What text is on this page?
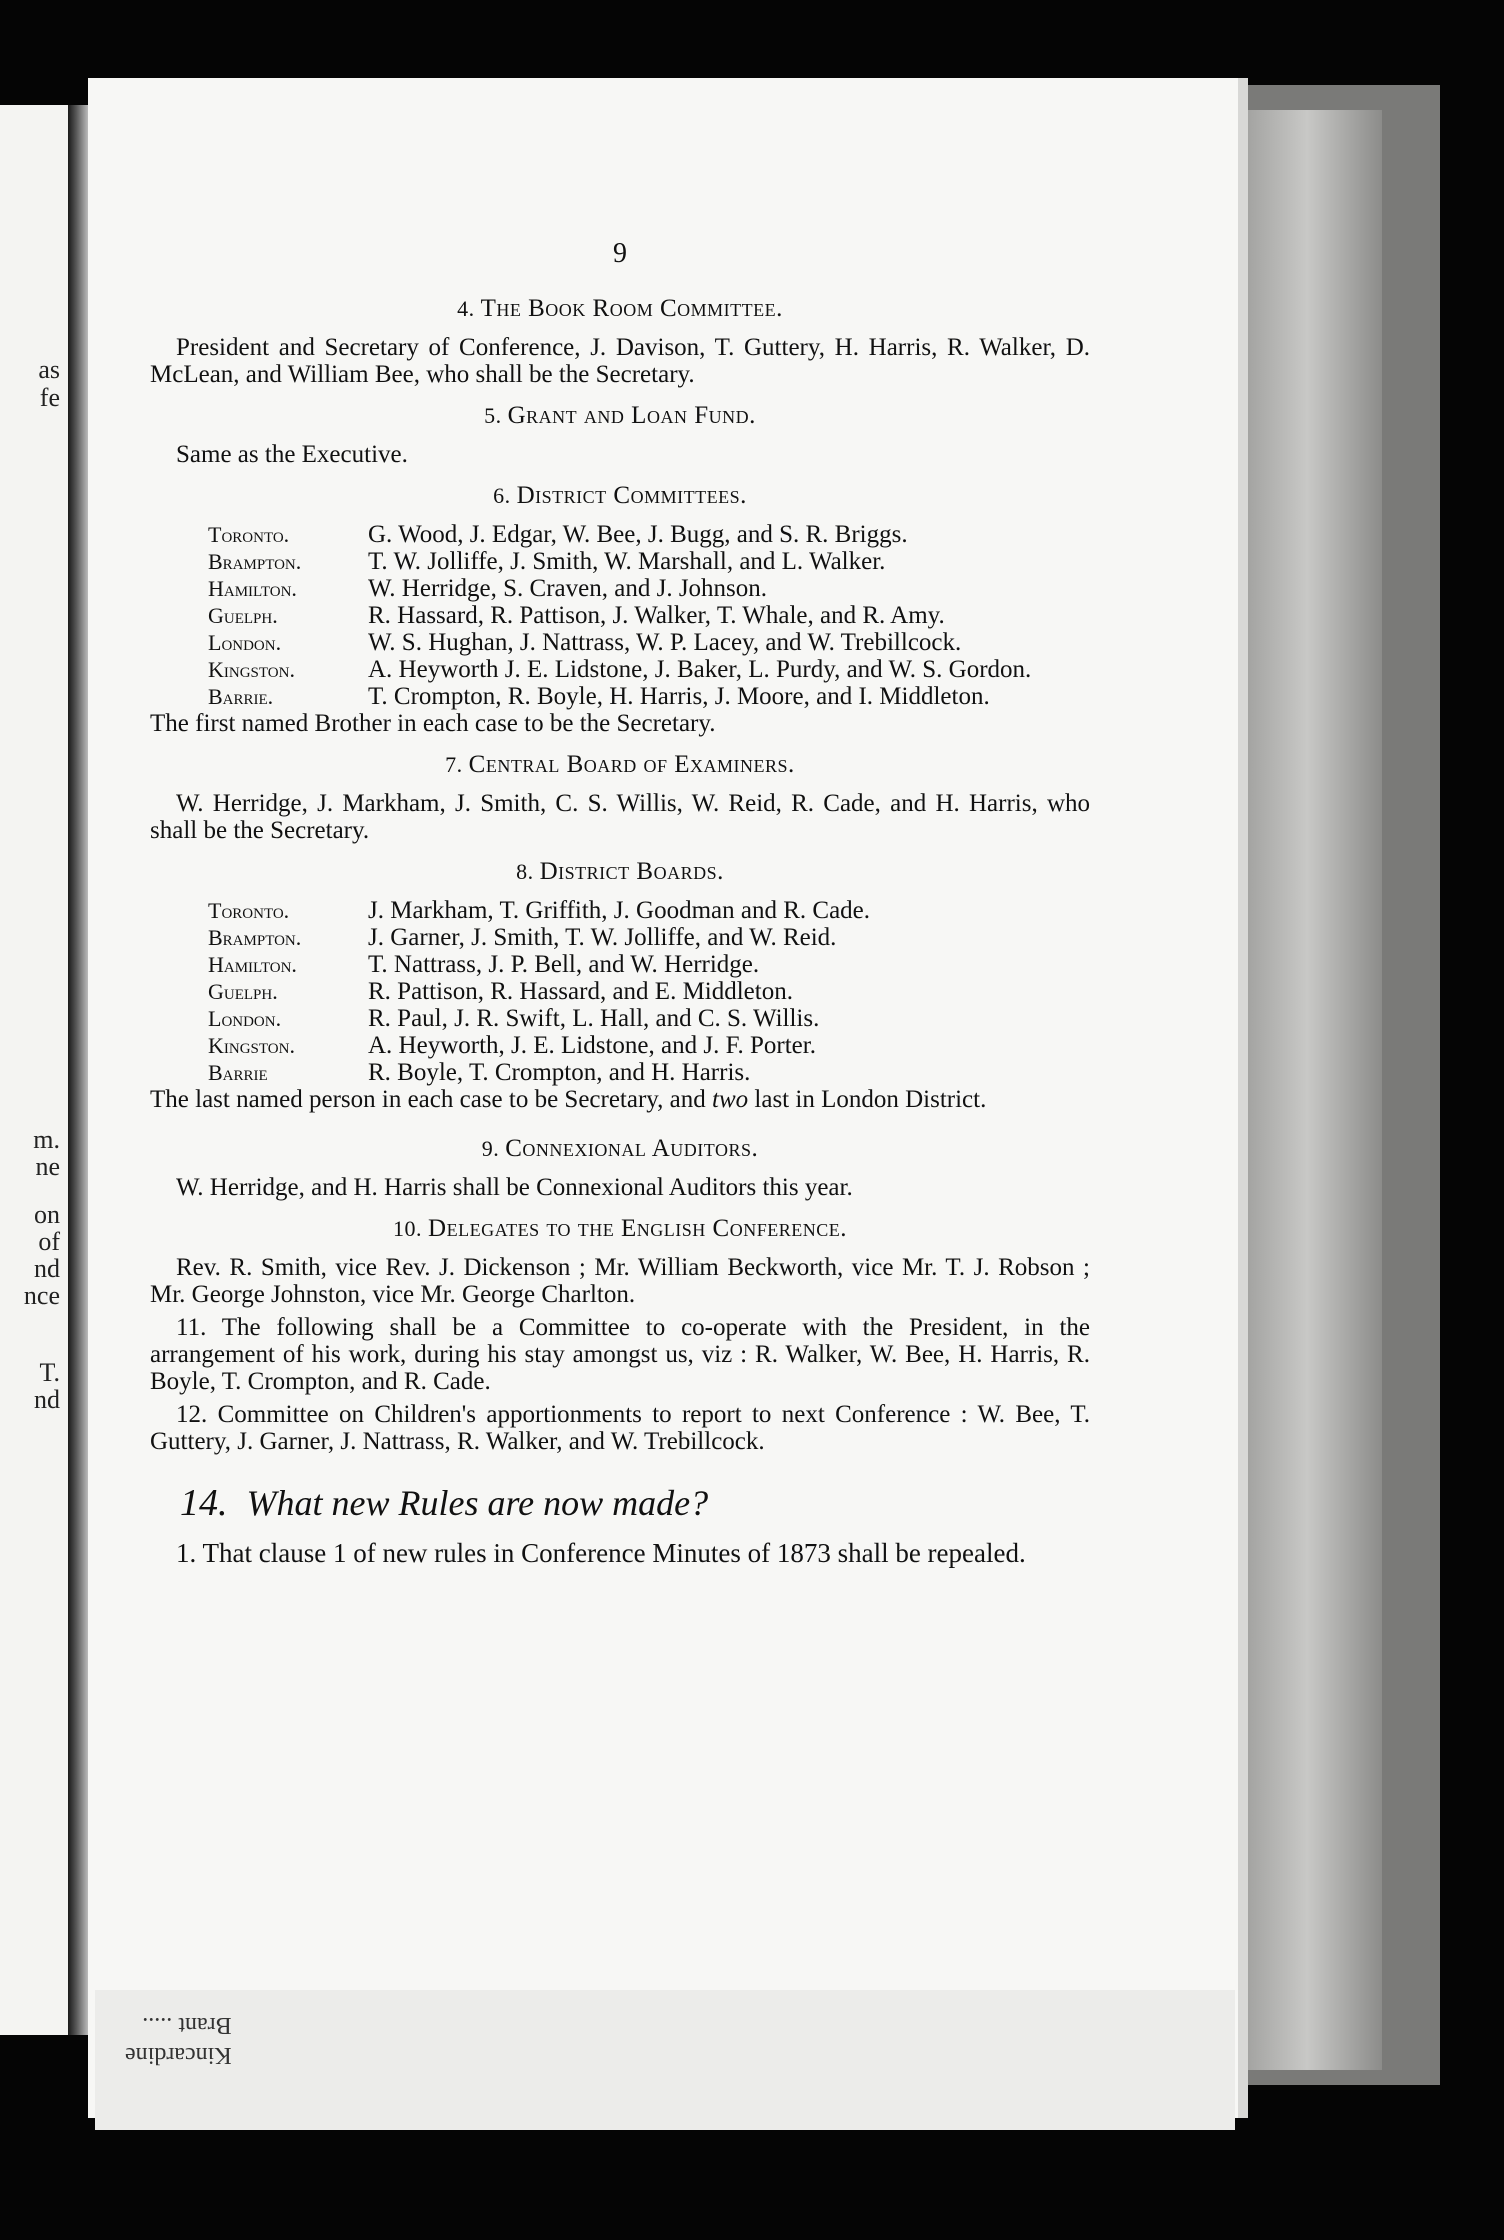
as
fe
m.
ne
on
of
nd
nce
T.
nd
Kincardine
Brant .....
9
4. The Book Room Committee.

President and Secretary of Conference, J. Davison, T. Guttery, H. Harris, R. Walker, D. McLean, and William Bee, who shall be the Secretary.

5. Grant and Loan Fund.

Same as the Executive.

6. District Committees.
Toronto.	G. Wood, J. Edgar, W. Bee, J. Bugg, and S. R. Briggs.
Brampton.	T. W. Jolliffe, J. Smith, W. Marshall, and L. Walker.
Hamilton.	W. Herridge, S. Craven, and J. Johnson.
Guelph.	R. Hassard, R. Pattison, J. Walker, T. Whale, and R. Amy.
London.	W. S. Hughan, J. Nattrass, W. P. Lacey, and W. Trebillcock.
Kingston.	A. Heyworth J. E. Lidstone, J. Baker, L. Purdy, and W. S. Gordon.
Barrie.	T. Crompton, R. Boyle, H. Harris, J. Moore, and I. Middleton.

The first named Brother in each case to be the Secretary.

7. Central Board of Examiners.

W. Herridge, J. Markham, J. Smith, C. S. Willis, W. Reid, R. Cade, and H. Harris, who shall be the Secretary.

8. District Boards.
Toronto.	J. Markham, T. Griffith, J. Goodman and R. Cade.
Brampton.	J. Garner, J. Smith, T. W. Jolliffe, and W. Reid.
Hamilton.	T. Nattrass, J. P. Bell, and W. Herridge.
Guelph.	R. Pattison, R. Hassard, and E. Middleton.
London.	R. Paul, J. R. Swift, L. Hall, and C. S. Willis.
Kingston.	A. Heyworth, J. E. Lidstone, and J. F. Porter.
Barrie	R. Boyle, T. Crompton, and H. Harris.

The last named person in each case to be Secretary, and two last in London District.

9. Connexional Auditors.

W. Herridge, and H. Harris shall be Connexional Auditors this year.

10. Delegates to the English Conference.

Rev. R. Smith, vice Rev. J. Dickenson ; Mr. William Beckworth, vice Mr. T. J. Robson ; Mr. George Johnston, vice Mr. George Charlton.

11. The following shall be a Committee to co-operate with the President, in the arrangement of his work, during his stay amongst us, viz : R. Walker, W. Bee, H. Harris, R. Boyle, T. Crompton, and R. Cade.

12. Committee on Children's apportionments to report to next Conference : W. Bee, T. Guttery, J. Garner, J. Nattrass, R. Walker, and W. Trebillcock.

14. What new Rules are now made?

1. That clause 1 of new rules in Conference Minutes of 1873 shall be repealed.
